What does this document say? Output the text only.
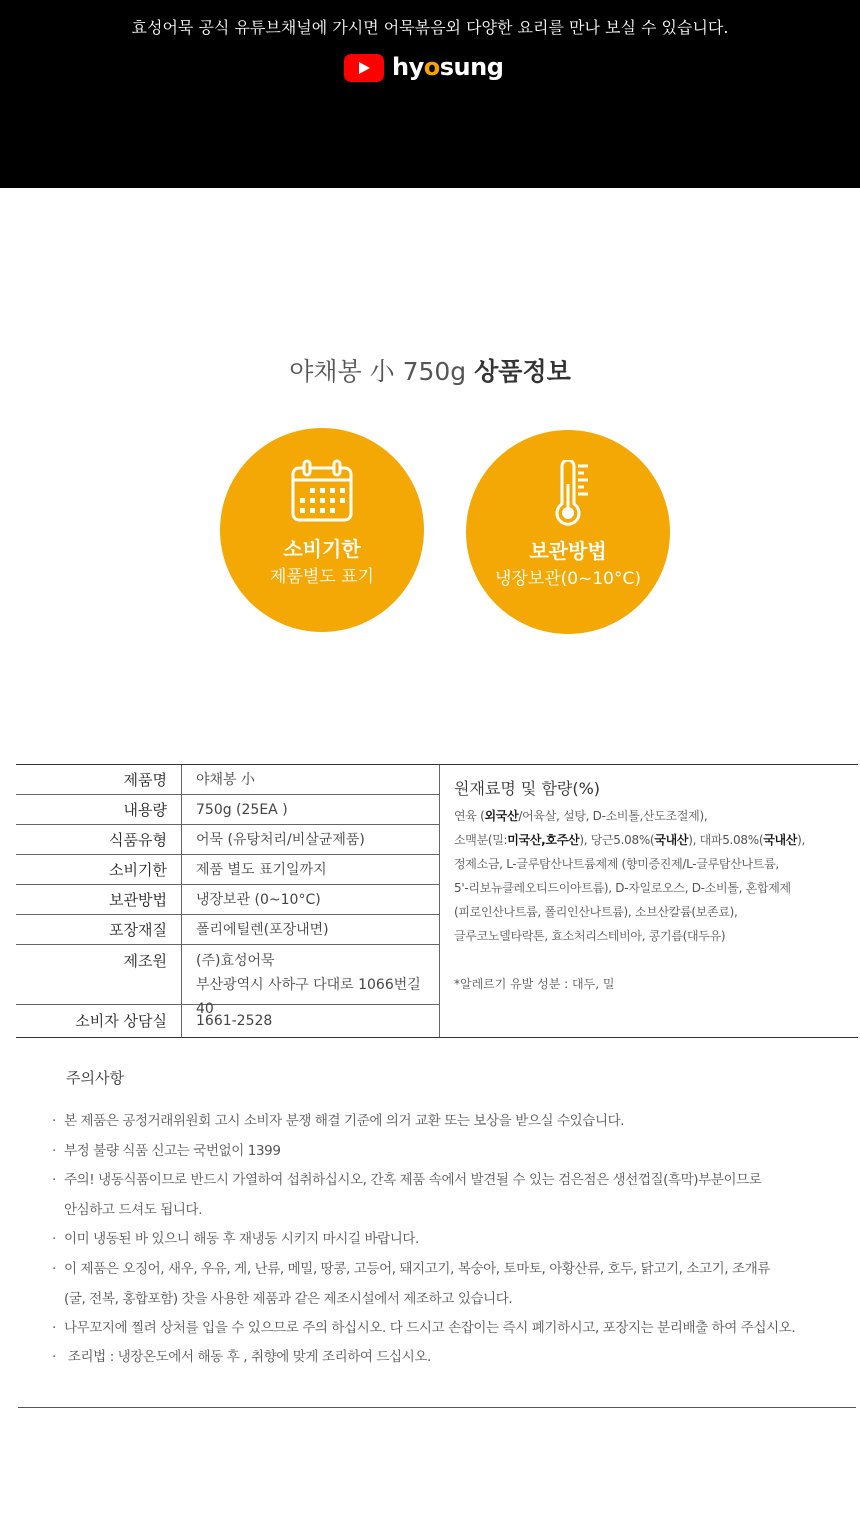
효성어묵 공식 유튜브채널에 가시면 어묵볶음외 다양한 요리를 만나 보실 수 있습니다.
hyosung
야채봉 小 750g 상품정보
소비기한
제품별도 표기
보관방법
냉장보관(0~10°C)
제품명	야채봉 小
내용량	750g (25EA )
식품유형	어묵 (유탕처리/비살균제품)
소비기한	제품 별도 표기일까지
보관방법	냉장보관 (0~10°C)
포장재질	폴리에틸렌(포장내면)
제조원	(주)효성어묵
부산광역시 사하구 다대로 1066번길 40
소비자 상담실	1661-2528
원재료명 및 함량(%)
연육 (외국산/어육살, 설탕, D-소비톨,산도조절제),
소맥분(밀:미국산,호주산), 당근5.08%(국내산), 대파5.08%(국내산),
정제소금, L-글루탐산나트륨제제 (향미증진제/L-글루탐산나트륨,
5'-리보뉴클레오티드이아트륨), D-자일로오스, D-소비톨, 혼합제제
(피로인산나트륨, 폴리인산나트륨), 소브산칼륨(보존료),
글루코노델타락톤, 효소처리스테비아, 콩기름(대두유)
*알레르기 유발 성분 : 대두, 밀
주의사항
· 본 제품은 공정거래위원회 고시 소비자 분쟁 해결 기준에 의거 교환 또는 보상을 받으실 수있습니다.
· 부정 불량 식품 신고는 국번없이 1399
· 주의! 냉동식품이므로 반드시 가열하여 섭취하십시오, 간혹 제품 속에서 발견될 수 있는 검은점은 생선껍질(흑막)부분이므로
안심하고 드셔도 됩니다.
· 이미 냉동된 바 있으니 해동 후 재냉동 시키지 마시길 바랍니다.
· 이 제품은 오징어, 새우, 우유, 게, 난류, 메밀, 땅콩, 고등어, 돼지고기, 복숭아, 토마토, 아황산류, 호두, 닭고기, 소고기, 조개류
(굴, 전복, 홍합포함) 잣을 사용한 제품과 같은 제조시설에서 제조하고 있습니다.
· 나무꼬지에 찔려 상처를 입을 수 있으므로 주의 하십시오. 다 드시고 손잡이는 즉시 폐기하시고, 포장지는 분리배출 하여 주십시오.
· 조리법 : 냉장온도에서 해동 후 , 취향에 맞게 조리하여 드십시오.
